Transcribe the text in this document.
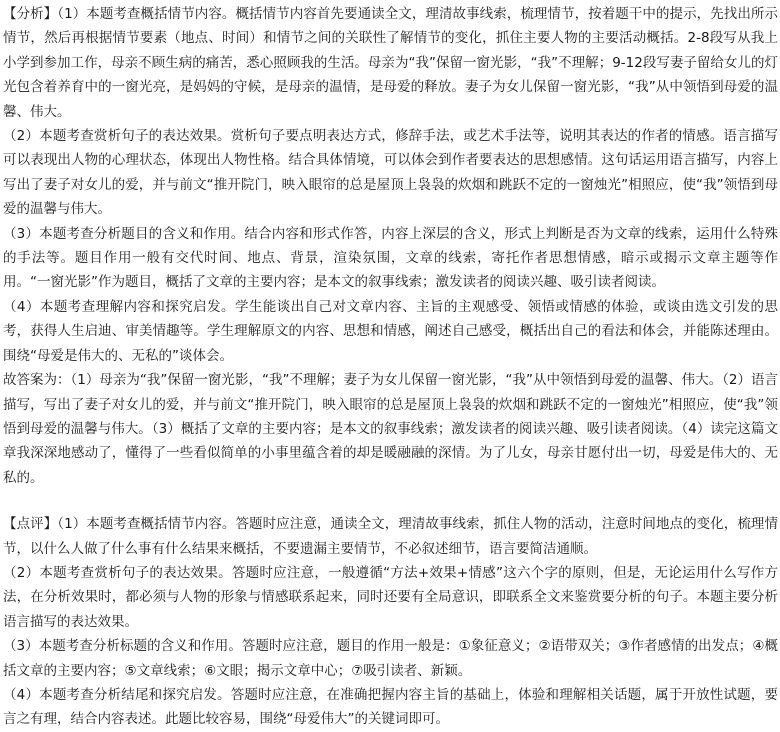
【分析】（1）本题考查概括情节内容。概括情节内容首先要通读全文，理清故事线索，梳理情节，按着题干中的提示，先找出所示情节，然后再根据情节要素（地点、时间）和情节之间的关联性了解情节的变化，抓住主要人物的主要活动概括。2-8段写从我上小学到参加工作，母亲不顾生病的痛苦，悉心照顾我的生活。母亲为“我”保留一窗光影，“我”不理解；9-12段写妻子留给女儿的灯光包含着养育中的一窗光亮，是妈妈的守候，是母亲的温情，是母爱的释放。妻子为女儿保留一窗光影，“我”从中领悟到母爱的温馨、伟大。

（2）本题考查赏析句子的表达效果。赏析句子要点明表达方式，修辞手法，或艺术手法等，说明其表达的作者的情感。语言描写可以表现出人物的心理状态，体现出人物性格。结合具体情境，可以体会到作者要表达的思想感情。这句话运用语言描写，内容上写出了妻子对女儿的爱，并与前文“推开院门，映入眼帘的总是屋顶上袅袅的炊烟和跳跃不定的一窗烛光”相照应，使“我”领悟到母爱的温馨与伟大。

（3）本题考查分析题目的含义和作用。结合内容和形式作答，内容上深层的含义，形式上判断是否为文章的线索，运用什么特殊的手法等。题目作用一般有交代时间、地点、背景，渲染氛围，文章的线索，寄托作者思想情感，暗示或揭示文章主题等作用。“一窗光影”作为题目，概括了文章的主要内容；是本文的叙事线索；激发读者的阅读兴趣、吸引读者阅读。

（4）本题考查理解内容和探究启发。学生能谈出自己对文章内容、主旨的主观感受、领悟或情感的体验，或谈由选文引发的思考，获得人生启迪、审美情趣等。学生理解原文的内容、思想和情感，阐述自己感受，概括出自己的看法和体会，并能陈述理由。围绕“母爱是伟大的、无私的”谈体会。

故答案为：（1）母亲为“我”保留一窗光影，“我”不理解；妻子为女儿保留一窗光影，“我”从中领悟到母爱的温馨、伟大。（2）语言描写，写出了妻子对女儿的爱，并与前文“推开院门，映入眼帘的总是屋顶上袅袅的炊烟和跳跃不定的一窗烛光”相照应，使“我”领悟到母爱的温馨与伟大。（3）概括了文章的主要内容；是本文的叙事线索；激发读者的阅读兴趣、吸引读者阅读。（4）读完这篇文章我深深地感动了，懂得了一些看似简单的小事里蕴含着的却是暖融融的深情。为了儿女，母亲甘愿付出一切，母爱是伟大的、无私的。

【点评】（1）本题考查概括情节内容。答题时应注意，通读全文，理清故事线索，抓住人物的活动，注意时间地点的变化，梳理情节，以什么人做了什么事有什么结果来概括，不要遗漏主要情节，不必叙述细节，语言要简洁通顺。

（2）本题考查赏析句子的表达效果。答题时应注意，一般遵循“方法+效果+情感”这六个字的原则，但是，无论运用什么写作方法，在分析效果时，都必须与人物的形象与情感联系起来，同时还要有全局意识，即联系全文来鉴赏要分析的句子。本题主要分析语言描写的表达效果。

（3）本题考查分析标题的含义和作用。答题时应注意，题目的作用一般是：①象征意义；②语带双关；③作者感情的出发点；④概括文章的主要内容；⑤文章线索；⑥文眼；揭示文章中心；⑦吸引读者、新颖。

（4）本题考查分析结尾和探究启发。答题时应注意，在准确把握内容主旨的基础上，体验和理解相关话题，属于开放性试题，要言之有理，结合内容表述。此题比较容易，围绕“母爱伟大”的关键词即可。
